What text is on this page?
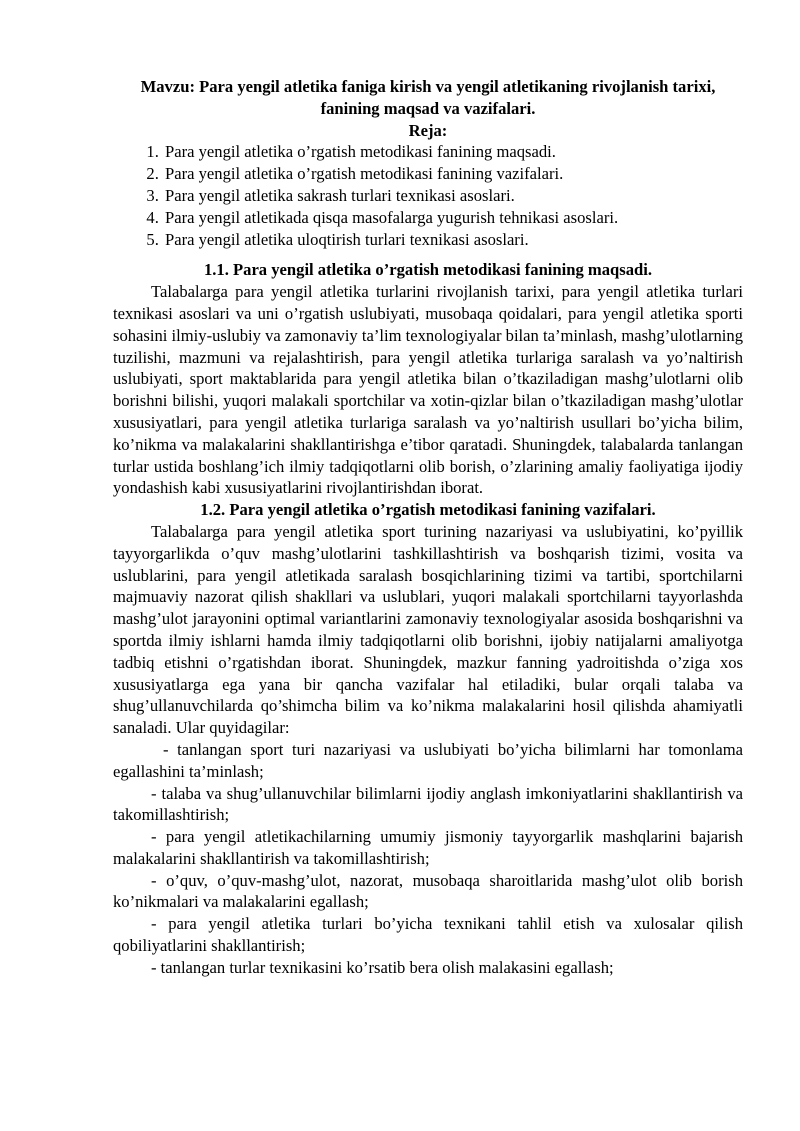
Mavzu: Para yengil atletika faniga kirish va yengil atletikaning rivojlanish tarixi, fanining maqsad va vazifalari.

Reja:

1. Para yengil atletika o’rgatish metodikasi fanining maqsadi.
2. Para yengil atletika o’rgatish metodikasi fanining vazifalari.
3. Para yengil atletika sakrash turlari texnikasi asoslari.
4. Para yengil atletikada qisqa masofalarga yugurish tehnikasi asoslari.
5. Para yengil atletika uloqtirish turlari texnikasi asoslari.

1.1. Para yengil atletika o’rgatish metodikasi fanining maqsadi.

Talabalarga para yengil atletika turlarini rivojlanish tarixi, para yengil atletika turlari texnikasi asoslari va uni o’rgatish uslubiyati, musobaqa qoidalari, para yengil atletika sporti sohasini ilmiy-uslubiy va zamonaviy ta’lim texnologiyalar bilan ta’minlash, mashg’ulotlarning tuzilishi, mazmuni va rejalashtirish, para yengil atletika turlariga saralash va yo’naltirish uslubiyati, sport maktablarida para yengil atletika bilan o’tkaziladigan mashg’ulotlarni olib borishni bilishi, yuqori malakali sportchilar va xotin-qizlar bilan o’tkaziladigan mashg’ulotlar xususiyatlari, para yengil atletika turlariga saralash va yo’naltirish usullari bo’yicha bilim, ko’nikma va malakalarini shakllantirishga e’tibor qaratadi. Shuningdek, talabalarda tanlangan turlar ustida boshlang’ich ilmiy tadqiqotlarni olib borish, o’zlarining amaliy faoliyatiga ijodiy yondashish kabi xususiyatlarini rivojlantirishdan iborat.

1.2. Para yengil atletika o’rgatish metodikasi fanining vazifalari.

Talabalarga para yengil atletika sport turining nazariyasi va uslubiyatini, ko’pyillik tayyorgarlikda o’quv mashg’ulotlarini tashkillashtirish va boshqarish tizimi, vosita va uslublarini, para yengil atletikada saralash bosqichlarining tizimi va tartibi, sportchilarni majmuaviy nazorat qilish shakllari va uslublari, yuqori malakali sportchilarni tayyorlashda mashg’ulot jarayonini optimal variantlarini zamonaviy texnologiyalar asosida boshqarishni va sportda ilmiy ishlarni hamda ilmiy tadqiqotlarni olib borishni, ijobiy natijalarni amaliyotga tadbiq etishni o’rgatishdan iborat. Shuningdek, mazkur fanning yadroitishda o’ziga xos xususiyatlarga ega yana bir qancha vazifalar hal etiladiki, bular orqali talaba va shug’ullanuvchilarda qo’shimcha bilim va ko’nikma malakalarini hosil qilishda ahamiyatli sanaladi. Ular quyidagilar:

- tanlangan sport turi nazariyasi va uslubiyati bo’yicha bilimlarni har tomonlama egallashini ta’minlash;

- talaba va shug’ullanuvchilar bilimlarni ijodiy anglash imkoniyatlarini shakllantirish va takomillashtirish;

- para yengil atletikachilarning umumiy jismoniy tayyorgarlik mashqlarini bajarish malakalarini shakllantirish va takomillashtirish;

- o’quv, o’quv-mashg’ulot, nazorat, musobaqa sharoitlarida mashg’ulot olib borish ko’nikmalari va malakalarini egallash;

- para yengil atletika turlari bo’yicha texnikani tahlil etish va xulosalar qilish qobiliyatlarini shakllantirish;

- tanlangan turlar texnikasini ko’rsatib bera olish malakasini egallash;
